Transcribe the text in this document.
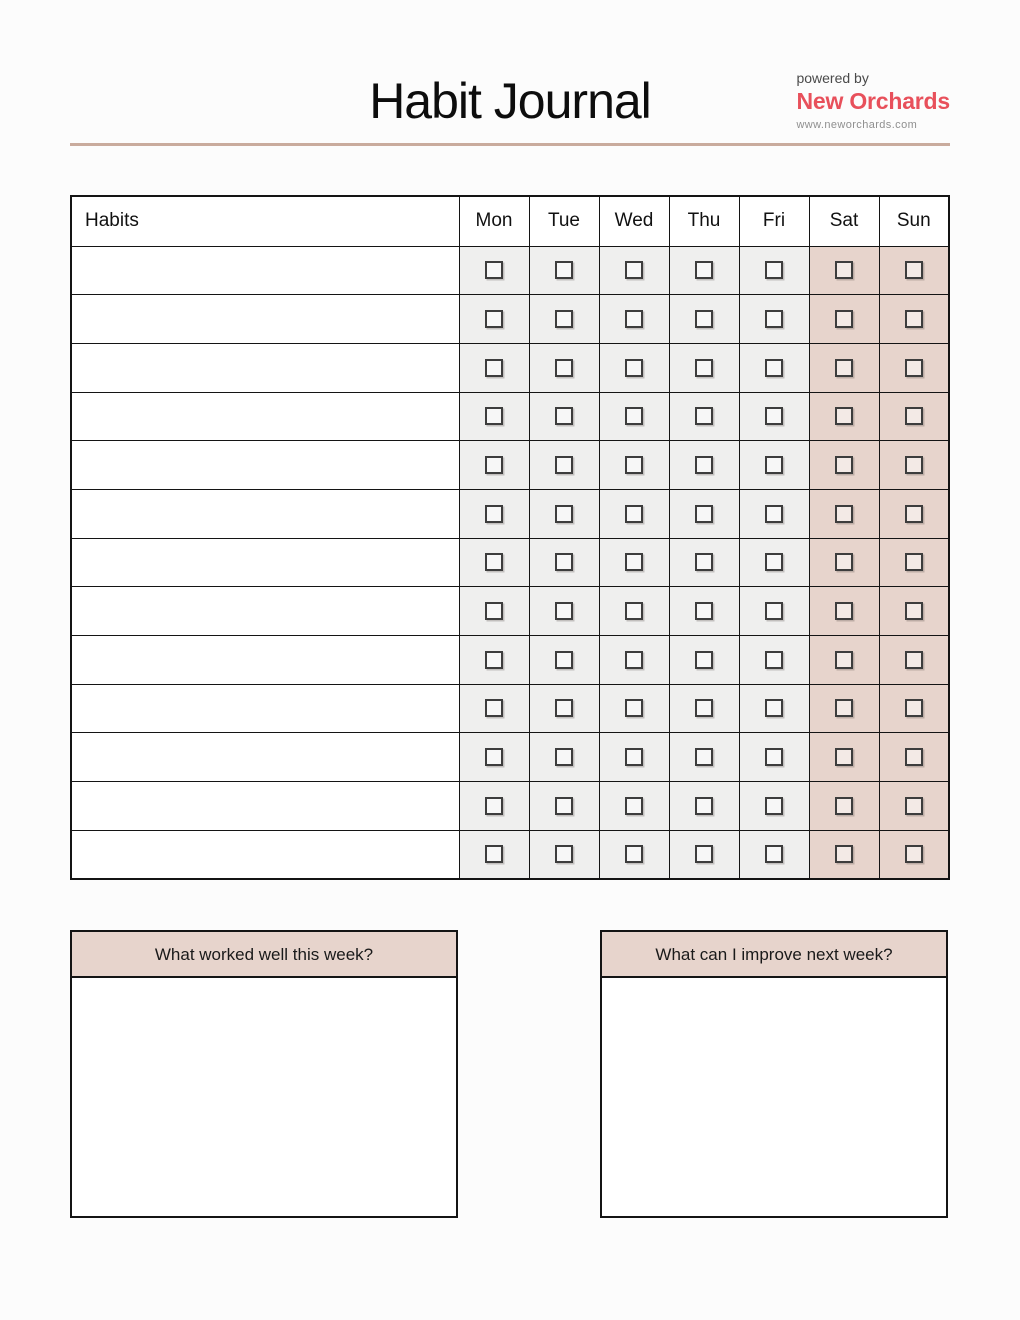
Habit Journal	powered by
New Orchards
www.neworchards.com
Habits	Mon	Tue	Wed	Thu	Fri	Sat	Sun

What worked well this week?	What can I improve next week?
